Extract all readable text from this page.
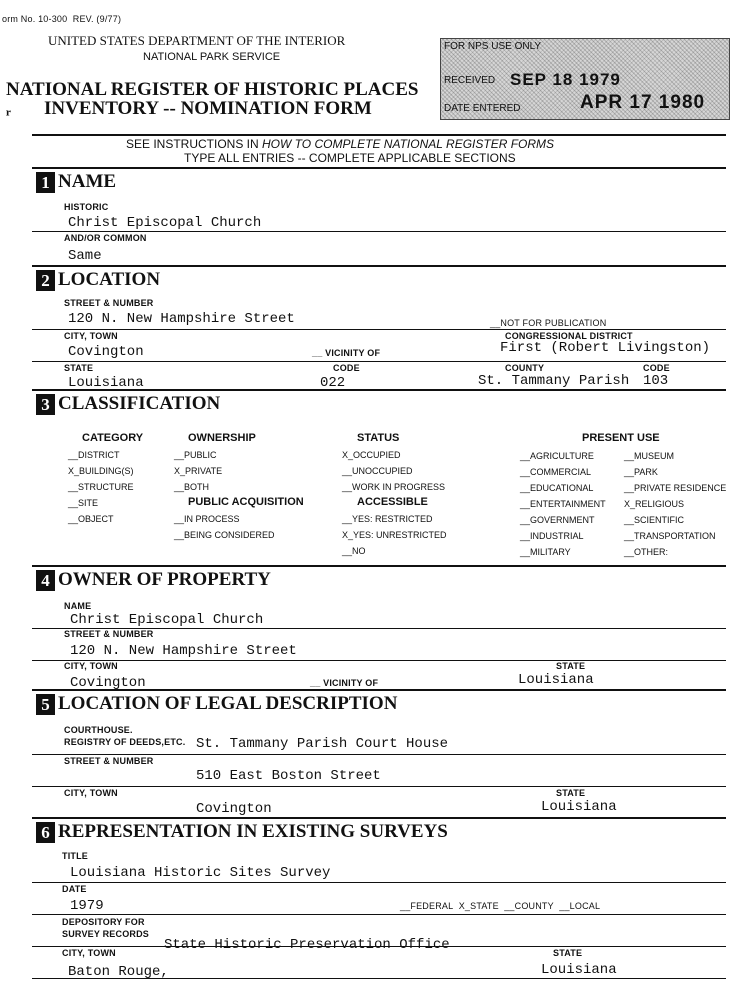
orm No. 10-300 REV. (9/77)
UNITED STATES DEPARTMENT OF THE INTERIOR
NATIONAL PARK SERVICE
NATIONAL REGISTER OF HISTORIC PLACES
ᵣ INVENTORY -- NOMINATION FORM
FOR NPS USE ONLY
RECEIVED SEP 18 1979
DATE ENTERED	APR 17 1980
SEE INSTRUCTIONS IN HOW TO COMPLETE NATIONAL REGISTER FORMS
TYPE ALL ENTRIES -- COMPLETE APPLICABLE SECTIONS
1 NAME
HISTORIC
Christ Episcopal Church
AND/OR COMMON
Same
2 LOCATION
STREET & NUMBER
120 N. New Hampshire Street	__NOT FOR PUBLICATION
CITY, TOWN	CONGRESSIONAL DISTRICT
Covington	__ VICINITY OF	First (Robert Livingston)
STATE	CODE	COUNTY	CODE
Louisiana	022	St. Tammany Parish 103
3 CLASSIFICATION
CATEGORY
__DISTRICT
X_BUILDING(S)
__STRUCTURE
__SITE
__OBJECT
OWNERSHIP
__PUBLIC
X_PRIVATE
__BOTH
PUBLIC ACQUISITION
__IN PROCESS
__BEING CONSIDERED
STATUS
X_OCCUPIED
__UNOCCUPIED
__WORK IN PROGRESS
ACCESSIBLE
__YES: RESTRICTED
X_YES: UNRESTRICTED
__NO
PRESENT USE
__AGRICULTURE
__COMMERCIAL
__EDUCATIONAL
__ENTERTAINMENT
__GOVERNMENT
__INDUSTRIAL
__MILITARY
__MUSEUM
__PARK
__PRIVATE RESIDENCE
X_RELIGIOUS
__SCIENTIFIC
__TRANSPORTATION
__OTHER:
4 OWNER OF PROPERTY
NAME
Christ Episcopal Church
STREET & NUMBER
120 N. New Hampshire Street
CITY, TOWN	STATE
Covington	__ VICINITY OF	Louisiana
5 LOCATION OF LEGAL DESCRIPTION
COURTHOUSE.
REGISTRY OF DEEDS,ETC. St. Tammany Parish Court House
STREET & NUMBER
510 East Boston Street
CITY, TOWN	STATE
Covington	Louisiana
6 REPRESENTATION IN EXISTING SURVEYS
TITLE
Louisiana Historic Sites Survey
DATE
1979	__FEDERAL X_STATE __COUNTY __LOCAL
DEPOSITORY FOR
SURVEY RECORDS
State Historic Preservation Office
CITY, TOWN	STATE
Baton Rouge,	Louisiana
